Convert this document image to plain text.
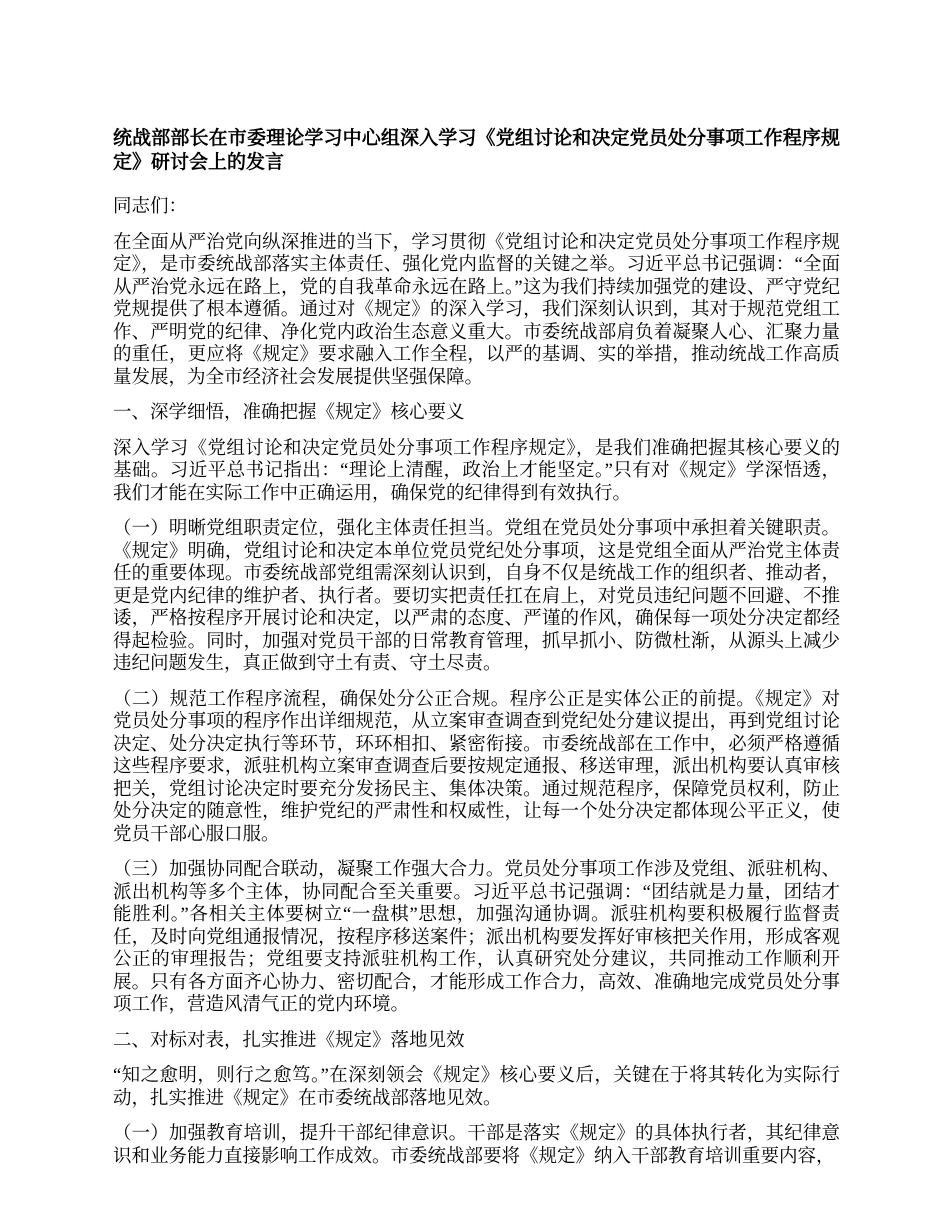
统战部部长在市委理论学习中心组深入学习《党组讨论和决定党员处分事项工作程序规定》研讨会上的发言

同志们：

在全面从严治党向纵深推进的当下，学习贯彻《党组讨论和决定党员处分事项工作程序规定》，是市委统战部落实主体责任、强化党内监督的关键之举。习近平总书记强调：“全面从严治党永远在路上，党的自我革命永远在路上。”这为我们持续加强党的建设、严守党纪党规提供了根本遵循。通过对《规定》的深入学习，我们深刻认识到，其对于规范党组工作、严明党的纪律、净化党内政治生态意义重大。市委统战部肩负着凝聚人心、汇聚力量的重任，更应将《规定》要求融入工作全程，以严的基调、实的举措，推动统战工作高质量发展，为全市经济社会发展提供坚强保障。

一、深学细悟，准确把握《规定》核心要义

深入学习《党组讨论和决定党员处分事项工作程序规定》，是我们准确把握其核心要义的基础。习近平总书记指出：“理论上清醒，政治上才能坚定。”只有对《规定》学深悟透，我们才能在实际工作中正确运用，确保党的纪律得到有效执行。

（一）明晰党组职责定位，强化主体责任担当。党组在党员处分事项中承担着关键职责。《规定》明确，党组讨论和决定本单位党员党纪处分事项，这是党组全面从严治党主体责任的重要体现。市委统战部党组需深刻认识到，自身不仅是统战工作的组织者、推动者，更是党内纪律的维护者、执行者。要切实把责任扛在肩上，对党员违纪问题不回避、不推诿，严格按程序开展讨论和决定，以严肃的态度、严谨的作风，确保每一项处分决定都经得起检验。同时，加强对党员干部的日常教育管理，抓早抓小、防微杜渐，从源头上减少违纪问题发生，真正做到守土有责、守土尽责。

（二）规范工作程序流程，确保处分公正合规。程序公正是实体公正的前提。《规定》对党员处分事项的程序作出详细规范，从立案审查调查到党纪处分建议提出，再到党组讨论决定、处分决定执行等环节，环环相扣、紧密衔接。市委统战部在工作中，必须严格遵循这些程序要求，派驻机构立案审查调查后要按规定通报、移送审理，派出机构要认真审核把关，党组讨论决定时要充分发扬民主、集体决策。通过规范程序，保障党员权利，防止处分决定的随意性，维护党纪的严肃性和权威性，让每一个处分决定都体现公平正义，使党员干部心服口服。

（三）加强协同配合联动，凝聚工作强大合力。党员处分事项工作涉及党组、派驻机构、派出机构等多个主体，协同配合至关重要。习近平总书记强调：“团结就是力量，团结才能胜利。”各相关主体要树立“一盘棋”思想，加强沟通协调。派驻机构要积极履行监督责任，及时向党组通报情况，按程序移送案件；派出机构要发挥好审核把关作用，形成客观公正的审理报告；党组要支持派驻机构工作，认真研究处分建议，共同推动工作顺利开展。只有各方面齐心协力、密切配合，才能形成工作合力，高效、准确地完成党员处分事项工作，营造风清气正的党内环境。

二、对标对表，扎实推进《规定》落地见效

“知之愈明，则行之愈笃。”在深刻领会《规定》核心要义后，关键在于将其转化为实际行动，扎实推进《规定》在市委统战部落地见效。

（一）加强教育培训，提升干部纪律意识。干部是落实《规定》的具体执行者，其纪律意识和业务能力直接影响工作成效。市委统战部要将《规定》纳入干部教育培训重要内容，
